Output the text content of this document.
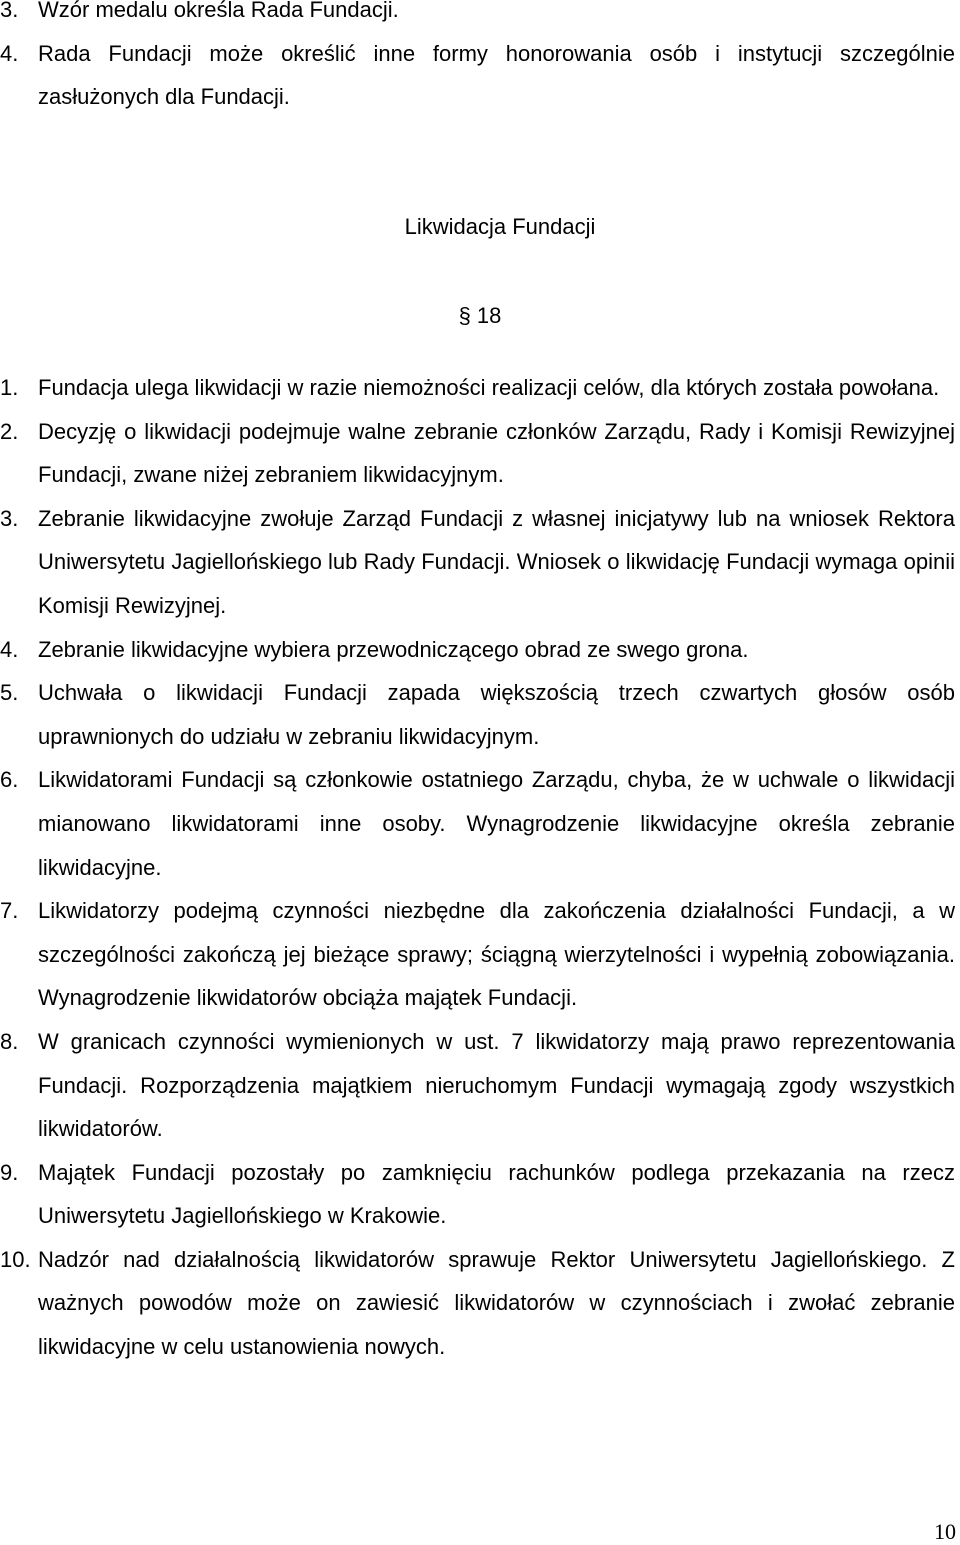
3. Wzór medalu określa Rada Fundacji.
4. Rada Fundacji może określić inne formy honorowania osób i instytucji szczególnie zasłużonych dla Fundacji.
Likwidacja Fundacji
§ 18
1. Fundacja ulega likwidacji w razie niemożności realizacji celów, dla których została powołana.
2. Decyzję o likwidacji podejmuje walne zebranie członków Zarządu, Rady i Komisji Rewizyjnej Fundacji, zwane niżej zebraniem likwidacyjnym.
3. Zebranie likwidacyjne zwołuje Zarząd Fundacji z własnej inicjatywy lub na wniosek Rektora Uniwersytetu Jagiellońskiego lub Rady Fundacji. Wniosek o likwidację Fundacji wymaga opinii Komisji Rewizyjnej.
4. Zebranie likwidacyjne wybiera przewodniczącego obrad ze swego grona.
5. Uchwała o likwidacji Fundacji zapada większością trzech czwartych głosów osób uprawnionych do udziału w zebraniu likwidacyjnym.
6. Likwidatorami Fundacji są członkowie ostatniego Zarządu, chyba, że w uchwale o likwidacji mianowano likwidatorami inne osoby. Wynagrodzenie likwidacyjne określa zebranie likwidacyjne.
7. Likwidatorzy podejmą czynności niezbędne dla zakończenia działalności Fundacji, a w szczególności zakończą jej bieżące sprawy; ściągną wierzytelności i wypełnią zobowiązania. Wynagrodzenie likwidatorów obciąża majątek Fundacji.
8. W granicach czynności wymienionych w ust. 7 likwidatorzy mają prawo reprezentowania Fundacji. Rozporządzenia majątkiem nieruchomym Fundacji wymagają zgody wszystkich likwidatorów.
9. Majątek Fundacji pozostały po zamknięciu rachunków podlega przekazania na rzecz Uniwersytetu Jagiellońskiego w Krakowie.
10. Nadzór nad działalnością likwidatorów sprawuje Rektor Uniwersytetu Jagiellońskiego. Z ważnych powodów może on zawiesić likwidatorów w czynnościach i zwołać zebranie likwidacyjne w celu ustanowienia nowych.
10
